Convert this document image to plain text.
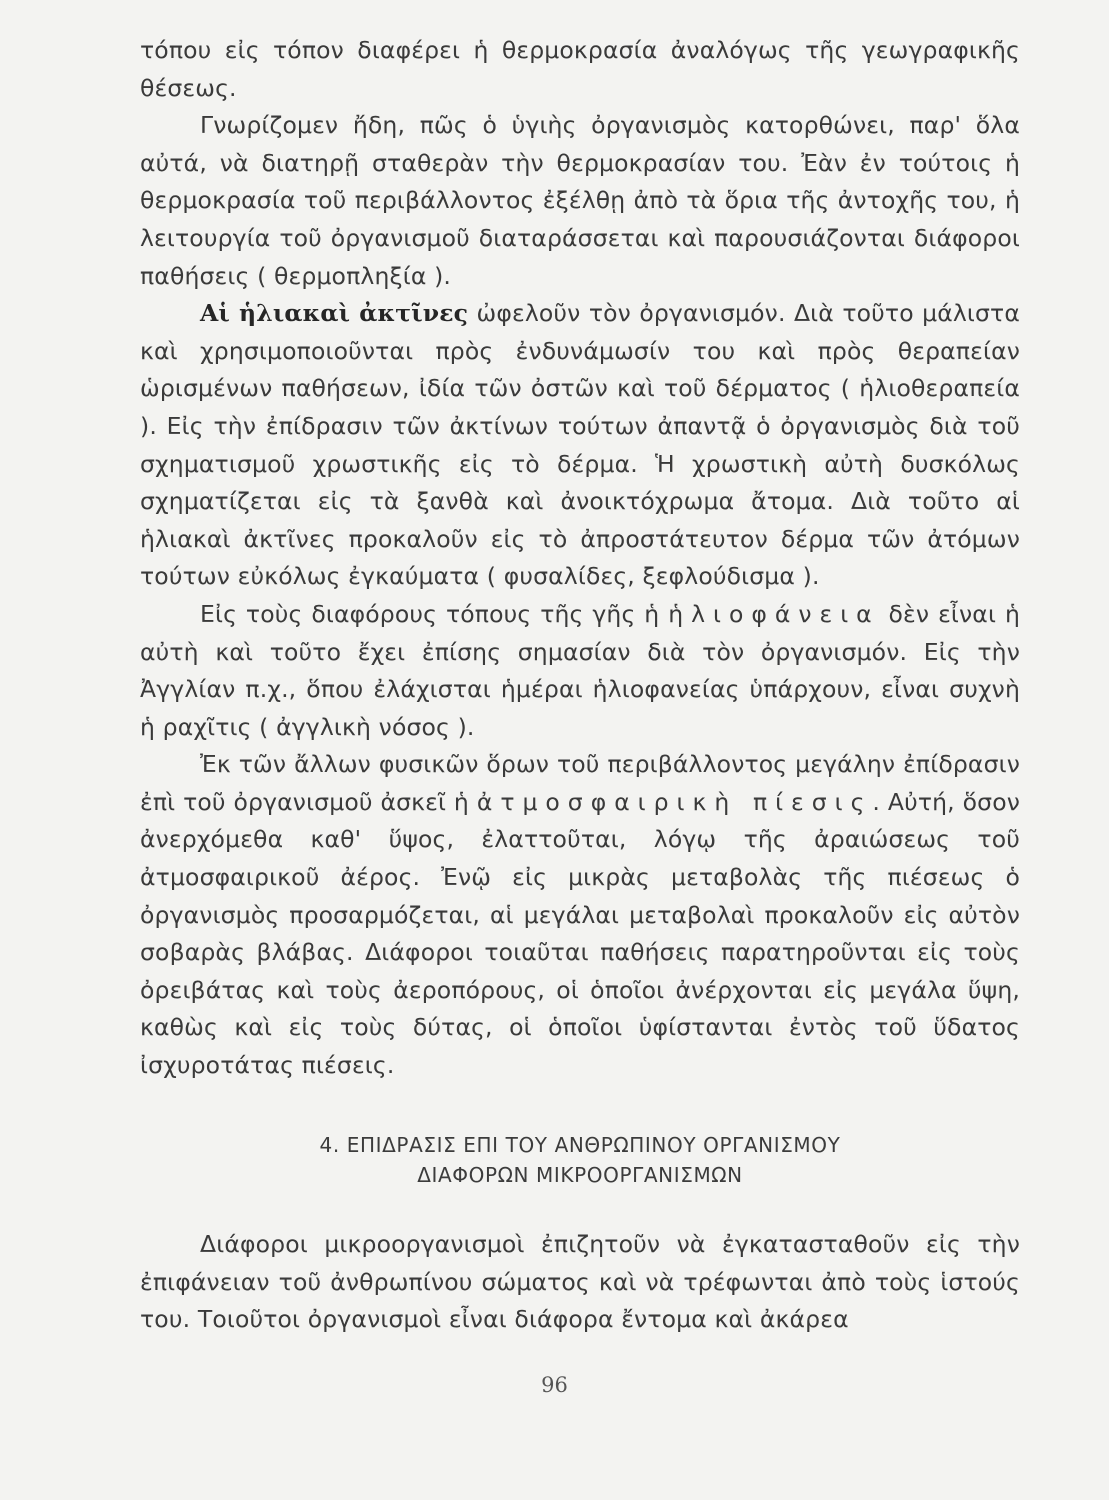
τόπου εἰς τόπον διαφέρει ἡ θερμοκρασία ἀναλόγως τῆς γεωγραφικῆς θέσεως.

Γνωρίζομεν ἤδη, πῶς ὁ ὑγιὴς ὀργανισμὸς κατορθώνει, παρ' ὅλα αὐτά, νὰ διατηρῇ σταθερὰν τὴν θερμοκρασίαν του. Ἐὰν ἐν τούτοις ἡ θερμοκρασία τοῦ περιβάλλοντος ἐξέλθῃ ἀπὸ τὰ ὅρια τῆς ἀντοχῆς του, ἡ λειτουργία τοῦ ὀργανισμοῦ διαταράσσεται καὶ παρουσιάζονται διάφοροι παθήσεις ( θερμοπληξία ).

Αἱ ἡλιακαὶ ἀκτῖνες ὠφελοῦν τὸν ὀργανισμόν. Διὰ τοῦτο μάλιστα καὶ χρησιμοποιοῦνται πρὸς ἐνδυνάμωσίν του καὶ πρὸς θεραπείαν ὡρισμένων παθήσεων, ἰδία τῶν ὀστῶν καὶ τοῦ δέρματος ( ἡλιοθεραπεία ). Εἰς τὴν ἐπίδρασιν τῶν ἀκτίνων τούτων ἀπαντᾷ ὁ ὀργανισμὸς διὰ τοῦ σχηματισμοῦ χρωστικῆς εἰς τὸ δέρμα. Ἡ χρωστικὴ αὐτὴ δυσκόλως σχηματίζεται εἰς τὰ ξανθὰ καὶ ἀνοικτόχρωμα ἄτομα. Διὰ τοῦτο αἱ ἡλιακαὶ ἀκτῖνες προκαλοῦν εἰς τὸ ἀπροστάτευτον δέρμα τῶν ἀτόμων τούτων εὐκόλως ἐγκαύματα ( φυσαλίδες, ξεφλούδισμα ).

Εἰς τοὺς διαφόρους τόπους τῆς γῆς ἡ ἡλιοφάνεια δὲν εἶναι ἡ αὐτὴ καὶ τοῦτο ἔχει ἐπίσης σημασίαν διὰ τὸν ὀργανισμόν. Εἰς τὴν Ἀγγλίαν π.χ., ὅπου ἐλάχισται ἡμέραι ἡλιοφανείας ὑπάρχουν, εἶναι συχνὴ ἡ ραχῖτις ( ἀγγλικὴ νόσος ).

Ἐκ τῶν ἄλλων φυσικῶν ὅρων τοῦ περιβάλλοντος μεγάλην ἐπίδρασιν ἐπὶ τοῦ ὀργανισμοῦ ἀσκεῖ ἡ ἀτμοσφαιρικὴ πίεσις. Αὐτή, ὅσον ἀνερχόμεθα καθ' ὕψος, ἐλαττοῦται, λόγῳ τῆς ἀραιώσεως τοῦ ἀτμοσφαιρικοῦ ἀέρος. Ἐνῷ εἰς μικρὰς μεταβολὰς τῆς πιέσεως ὁ ὀργανισμὸς προσαρμόζεται, αἱ μεγάλαι μεταβολαὶ προκαλοῦν εἰς αὐτὸν σοβαρὰς βλάβας. Διάφοροι τοιαῦται παθήσεις παρατηροῦνται εἰς τοὺς ὀρειβάτας καὶ τοὺς ἀεροπόρους, οἱ ὁποῖοι ἀνέρχονται εἰς μεγάλα ὕψη, καθὼς καὶ εἰς τοὺς δύτας, οἱ ὁποῖοι ὑφίστανται ἐντὸς τοῦ ὕδατος ἰσχυροτάτας πιέσεις.

4. ΕΠΙΔΡΑΣΙΣ ΕΠΙ ΤΟΥ ΑΝΘΡΩΠΙΝΟΥ ΟΡΓΑΝΙΣΜΟΥ
ΔΙΑΦΟΡΩΝ ΜΙΚΡΟΟΡΓΑΝΙΣΜΩΝ

Διάφοροι μικροοργανισμοὶ ἐπιζητοῦν νὰ ἐγκατασταθοῦν εἰς τὴν ἐπιφάνειαν τοῦ ἀνθρωπίνου σώματος καὶ νὰ τρέφωνται ἀπὸ τοὺς ἱστούς του. Τοιοῦτοι ὀργανισμοὶ εἶναι διάφορα ἔντομα καὶ ἀκάρεα

96
